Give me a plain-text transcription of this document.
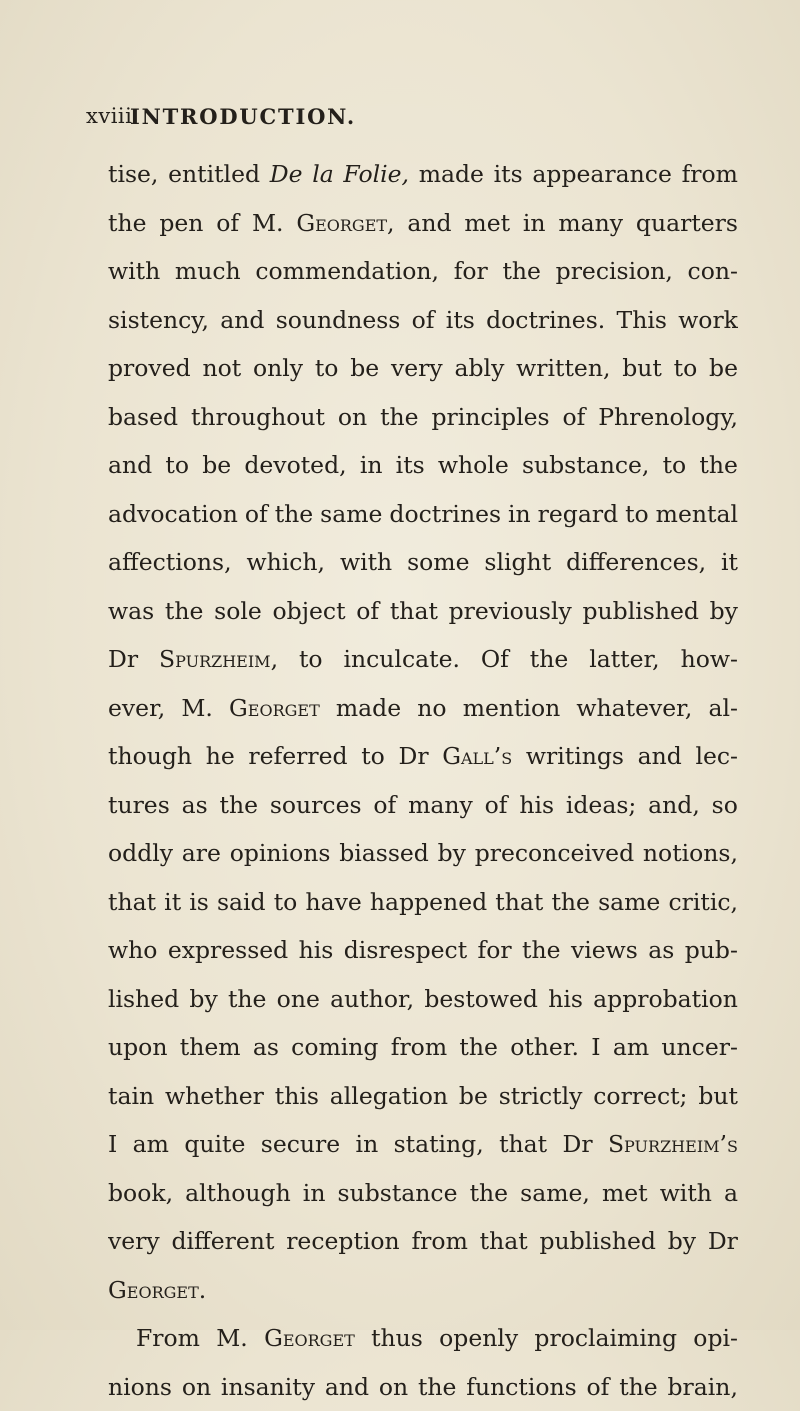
xviii
INTRODUCTION.
tise, entitled De la Folie, made its appearance from
the pen of M. Georget, and met in many quarters
with much commendation, for the precision, con-
sistency, and soundness of its doctrines. This work
proved not only to be very ably written, but to be
based throughout on the principles of Phrenology,
and to be devoted, in its whole substance, to the
advocation of the same doctrines in regard to mental
affections, which, with some slight differences, it
was the sole object of that previously published by
Dr Spurzheim, to inculcate. Of the latter, how-
ever, M. Georget made no mention whatever, al-
though he referred to Dr Gall’s writings and lec-
tures as the sources of many of his ideas; and, so
oddly are opinions biassed by preconceived notions,
that it is said to have happened that the same critic,
who expressed his disrespect for the views as pub-
lished by the one author, bestowed his approbation
upon them as coming from the other. I am uncer-
tain whether this allegation be strictly correct; but
I am quite secure in stating, that Dr Spurzheim’s
book, although in substance the same, met with a
very different reception from that published by Dr
Georget.
From M. Georget thus openly proclaiming opi-
nions on insanity and on the functions of the brain,
